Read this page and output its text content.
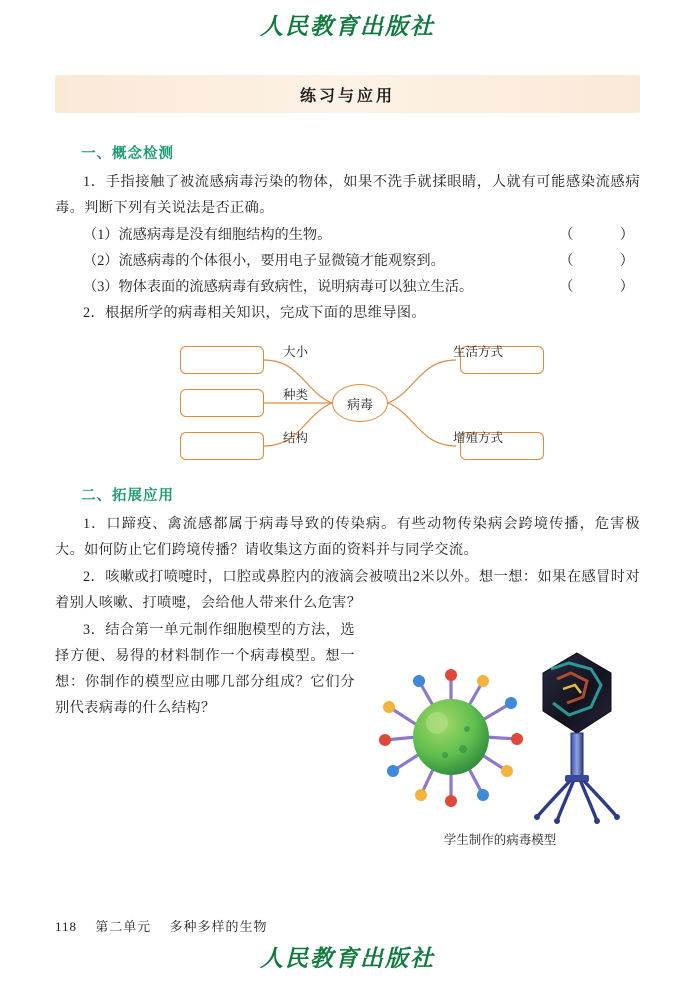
人民教育出版社
练习与应用
一、概念检测

1．手指接触了被流感病毒污染的物体，如果不洗手就揉眼睛，人就有可能感染流感病毒。判断下列有关说法是否正确。

（　　）
（1）流感病毒是没有细胞结构的生物。

（　　）
（2）流感病毒的个体很小，要用电子显微镜才能观察到。

（　　）
（3）物体表面的流感病毒有致病性，说明病毒可以独立生活。

2．根据所学的病毒相关知识，完成下面的思维导图。

大小
种类
结构
生活方式
增殖方式
病毒
二、拓展应用

1．口蹄疫、禽流感都属于病毒导致的传染病。有些动物传染病会跨境传播，危害极大。如何防止它们跨境传播？请收集这方面的资料并与同学交流。

2．咳嗽或打喷嚏时，口腔或鼻腔内的液滴会被喷出2米以外。想一想：如果在感冒时对着别人咳嗽、打喷嚏，会给他人带来什么危害？

3．结合第一单元制作细胞模型的方法，选择方便、易得的材料制作一个病毒模型。想一想：你制作的模型应由哪几部分组成？它们分别代表病毒的什么结构？

学生制作的病毒模型
118 第二单元 多种多样的生物
人民教育出版社
